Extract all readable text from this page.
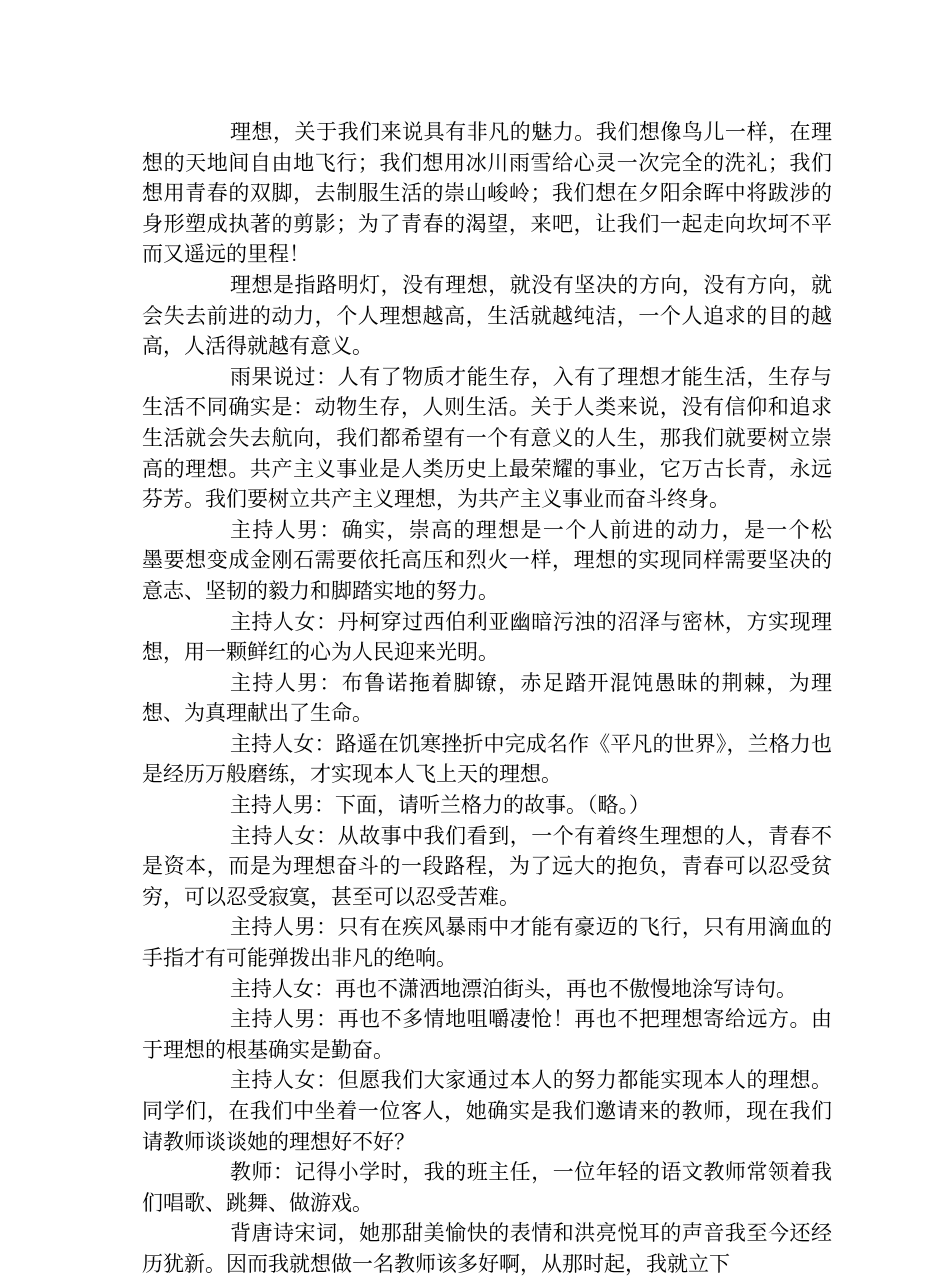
理想，关于我们来说具有非凡的魅力。我们想像鸟儿一样，在理想的天地间自由地飞行；我们想用冰川雨雪给心灵一次完全的洗礼；我们想用青春的双脚，去制服生活的崇山峻岭；我们想在夕阳余晖中将跋涉的身形塑成执著的剪影；为了青春的渴望，来吧，让我们一起走向坎坷不平而又遥远的里程！

理想是指路明灯，没有理想，就没有坚决的方向，没有方向，就会失去前进的动力，个人理想越高，生活就越纯洁，一个人追求的目的越高，人活得就越有意义。

雨果说过：人有了物质才能生存，入有了理想才能生活，生存与生活不同确实是：动物生存，人则生活。关于人类来说，没有信仰和追求生活就会失去航向，我们都希望有一个有意义的人生，那我们就要树立崇高的理想。共产主义事业是人类历史上最荣耀的事业，它万古长青，永远芬芳。我们要树立共产主义理想，为共产主义事业而奋斗终身。

主持人男：确实，崇高的理想是一个人前进的动力，是一个松　墨要想变成金刚石需要依托高压和烈火一样，理想的实现同样需要坚决的意志、坚韧的毅力和脚踏实地的努力。

主持人女：丹柯穿过西伯利亚幽暗污浊的沼泽与密林，方实现理想，用一颗鲜红的心为人民迎来光明。

主持人男：布鲁诺拖着脚镣，赤足踏开混饨愚昧的荆棘，为理想、为真理献出了生命。

主持人女：路遥在饥寒挫折中完成名作《平凡的世界》，兰格力也是经历万般磨练，才实现本人飞上天的理想。

主持人男：下面，请听兰格力的故事。（略。）

主持人女：从故事中我们看到，一个有着终生理想的人，青春不是资本，而是为理想奋斗的一段路程，为了远大的抱负，青春可以忍受贫穷，可以忍受寂寞，甚至可以忍受苦难。

主持人男：只有在疾风暴雨中才能有豪迈的飞行，只有用滴血的手指才有可能弹拨出非凡的绝响。

主持人女：再也不潇洒地漂泊街头，再也不傲慢地涂写诗句。

主持人男：再也不多情地咀嚼凄怆！再也不把理想寄给远方。由于理想的根基确实是勤奋。

主持人女：但愿我们大家通过本人的努力都能实现本人的理想。同学们，在我们中坐着一位客人，她确实是我们邀请来的教师，现在我们请教师谈谈她的理想好不好？

教师：记得小学时，我的班主任，一位年轻的语文教师常领着我们唱歌、跳舞、做游戏。

背唐诗宋词，她那甜美愉快的表情和洪亮悦耳的声音我至今还经历犹新。因而我就想做一名教师该多好啊，从那时起，我就立下
